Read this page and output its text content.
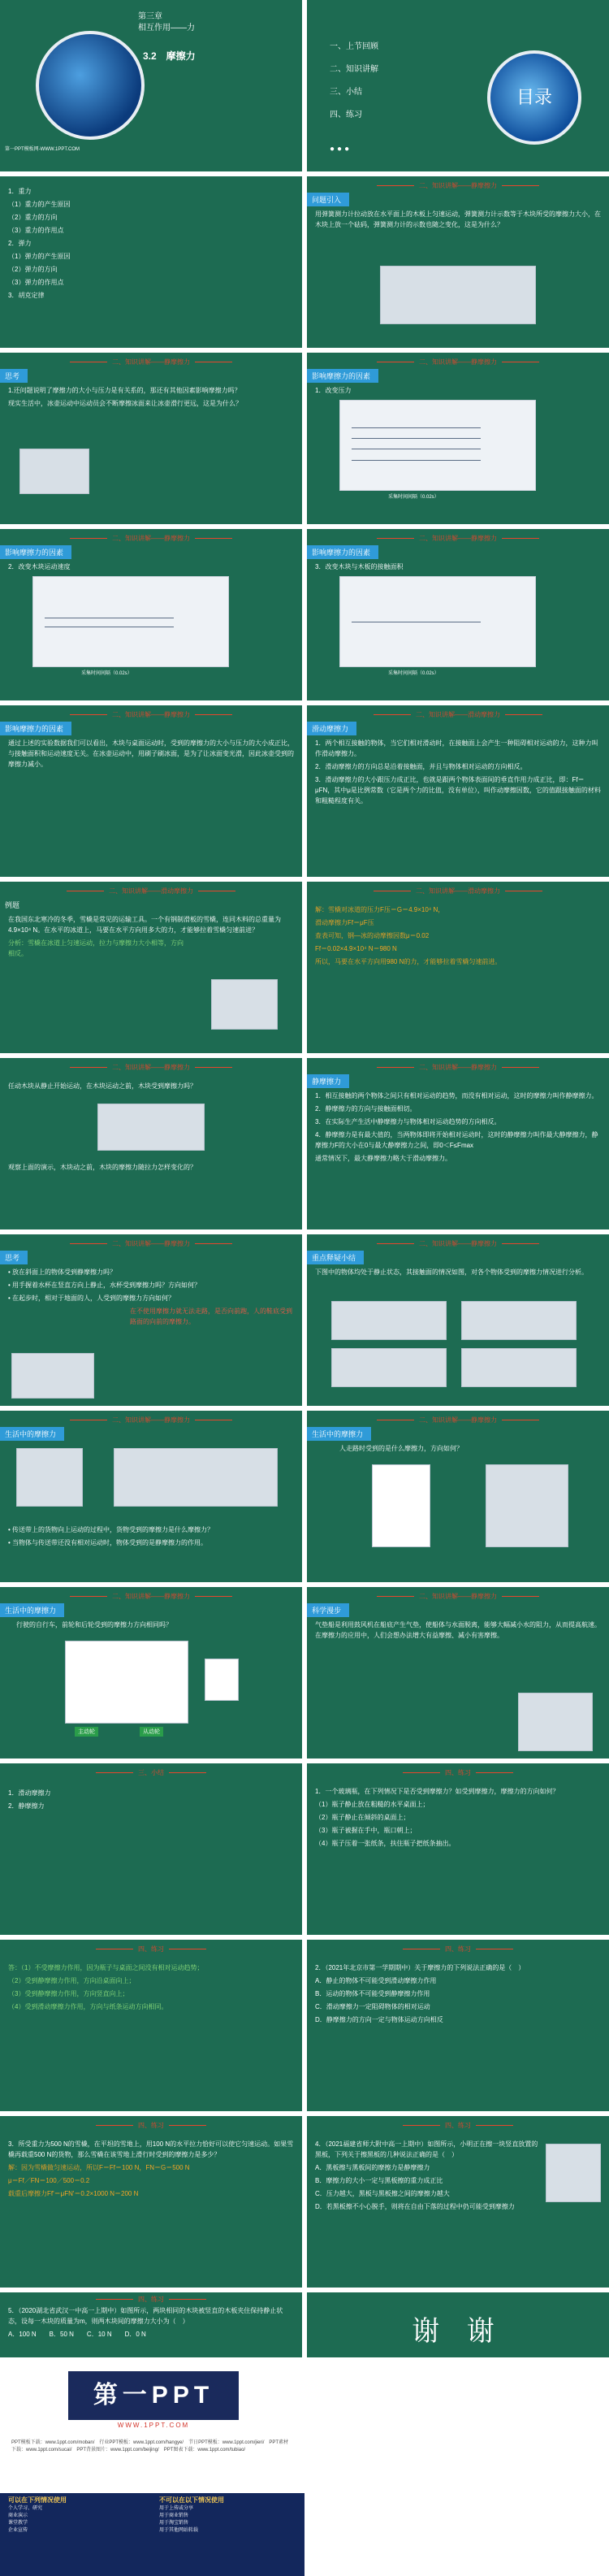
第三章
相互作用——力
3.2　摩擦力
第一PPT模板网-WWW.1PPT.COM
一、上节回顾
二、知识讲解
三、小结
四、练习
目录
●●●

1．重力

（1）重力的产生原因

（2）重力的方向

（3）重力的作用点

2．弹力

（1）弹力的产生原因

（2）弹力的方向

（3）弹力的作用点

3．胡克定律

二、知识讲解——静摩擦力
问题引入
用弹簧测力计拉动放在水平面上的木板上匀速运动，弹簧测力计示数等于木块所受的摩擦力大小，在木块上放一个砝码，弹簧测力计的示数也随之变化，这是为什么？
二、知识讲解——静摩擦力
思考

1.还问题说明了摩擦力的大小与压力是有关系的，那还有其他因素影响摩擦力吗？

现实生活中，冰壶运动中运动员会不断摩擦冰面来让冰壶滑行更远，这是为什么？

二、知识讲解——静摩擦力
影响摩擦力的因素
1．改变压力
采集时间间隔（0.02s）
二、知识讲解——静摩擦力
影响摩擦力的因素
2．改变木块运动速度
采集时间间隔（0.02s）
二、知识讲解——静摩擦力
影响摩擦力的因素
3．改变木块与木板的接触面积
采集时间间隔（0.02s）
二、知识讲解——静摩擦力
影响摩擦力的因素
通过上述的实验数据我们可以看出，木块与桌面运动时，受到的摩擦力的大小与压力的大小成正比，与接触面积和运动速度无关。在冰壶运动中，用刷子刷冰面，是为了让冰面变光滑，因此冰壶受到的摩擦力减小。
二、知识讲解——滑动摩擦力
滑动摩擦力

1．两个相互接触的物体，当它们相对滑动时，在接触面上会产生一种阻碍相对运动的力，这种力叫作滑动摩擦力。

2．滑动摩擦力的方向总是沿着接触面，并且与物体相对运动的方向相反。

3．滑动摩擦力的大小跟压力成正比，也就是跟两个物体表面间的垂直作用力成正比，即：Ff＝μFN，其中μ是比例常数（它是两个力的比值，没有单位），叫作动摩擦因数，它的值跟接触面的材料和粗糙程度有关。

二、知识讲解——滑动摩擦力
例题

在我国东北寒冷的冬季，雪橇是常见的运输工具。一个有钢制滑板的雪橇，连同木料的总重量为4.9×10⁴ N。在水平的冰道上，马要在水平方向用多大的力，才能够拉着雪橇匀速前进？

分析：雪橇在冰道上匀速运动，拉力与摩擦力大小相等，方向相反。

二、知识讲解——滑动摩擦力

解：雪橇对冰道的压力F压＝G＝4.9×10⁴ N，

滑动摩擦力Ff＝μF压

查表可知，钢—冰的动摩擦因数μ＝0.02

Ff＝0.02×4.9×10⁴ N＝980 N

所以，马要在水平方向用980 N的力，才能够拉着雪橇匀速前进。

二、知识讲解——静摩擦力

任动木块从静止开始运动，在木块运动之前，木块受到摩擦力吗？

观察上面的演示，木块动之前，木块的摩擦力随拉力怎样变化的？

二、知识讲解——静摩擦力
静摩擦力

1．相互接触的两个物体之间只有相对运动的趋势，而没有相对运动，这时的摩擦力叫作静摩擦力。

2．静摩擦力的方向与接触面相切。

3．在实际生产生活中静摩擦力与物体相对运动趋势的方向相反。

4．静摩擦力是有最大值的，当两物体即将开始相对运动时，这时的静摩擦力叫作最大静摩擦力，静摩擦力F的大小在0与最大静摩擦力之间，即0＜F≤Fmax

通常情况下，最大静摩擦力略大于滑动摩擦力。

二、知识讲解——静摩擦力
思考

• 放在斜面上的物体受到静摩擦力吗？

• 用手握着水杯在竖直方向上静止，水杯受到摩擦力吗？方向如何？

• 在起步时，相对于地面的人，人受到的摩擦力方向如何？

在不使用摩擦力就无法走路，是否向前跑，人的鞋底受到路面的向前的摩擦力。

二、知识讲解——静摩擦力
重点释疑小结
下图中的物体均处于静止状态，其接触面的情况如图，对各个物体受到的摩擦力情况进行分析。
二、知识讲解——静摩擦力
生活中的摩擦力

• 传送带上的货物向上运动的过程中，货物受到的摩擦力是什么摩擦力？

• 当物体与传送带还没有相对运动时，物体受到的是静摩擦力的作用。

二、知识讲解——静摩擦力
生活中的摩擦力
人走路时受到的是什么摩擦力，方向如何？
二、知识讲解——静摩擦力
生活中的摩擦力
行驶的自行车，前轮和后轮受到的摩擦力方向相同吗？
主动轮	从动轮
二、知识讲解——静摩擦力
科学漫步
气垫船是利用鼓风机在船底产生气垫，使船体与水面脱离，能够大幅减小水的阻力，从而提高航速。在摩擦力的应用中，人们会想办法增大有益摩擦、减小有害摩擦。
三、小结

1．滑动摩擦力

2．静摩擦力

四、练习

1．一个玻璃瓶，在下列情况下是否受到摩擦力？如受到摩擦力，摩擦力的方向如何？

（1）瓶子静止放在粗糙的水平桌面上；

（2）瓶子静止在倾斜的桌面上；

（3）瓶子被握在手中，瓶口朝上；

（4）瓶子压着一张纸条，扶住瓶子把纸条抽出。

四、练习

答：（1）不受摩擦力作用，因为瓶子与桌面之间没有相对运动趋势；

（2）受到静摩擦力作用，方向沿桌面向上；

（3）受到静摩擦力作用，方向竖直向上；

（4）受到滑动摩擦力作用，方向与纸条运动方向相同。

四、练习

2．（2021年北京市第一学期期中）关于摩擦力的下列说法正确的是（　）

A．静止的物体不可能受到滑动摩擦力作用

B．运动的物体不可能受到静摩擦力作用

C．滑动摩擦力一定阻碍物体的相对运动

D．静摩擦力的方向一定与物体运动方向相反

四、练习

3．所受重力为500 N的雪橇，在平坦的雪地上，用100 N的水平拉力恰好可以使它匀速运动。如果雪橇再载重500 N的货物，那么雪橇在该雪地上滑行时受到的摩擦力是多少？

解：因为雪橇做匀速运动，所以F＝Ff＝100 N，FN＝G＝500 N

μ＝Ff／FN＝100／500＝0.2

载重后摩擦力Ff'＝μFN'＝0.2×1000 N＝200 N

四、练习

4．（2021福建省师大附中高一上期中）如图所示，小明正在擦一块竖直放置的黑板，下列关于擦黑板的几种说法正确的是（　）

A．黑板擦与黑板间的摩擦力是静摩擦力

B．摩擦力的大小一定与黑板擦的重力成正比

C．压力越大，黑板与黑板擦之间的摩擦力越大

D．若黑板擦不小心脱手，则将在自由下落的过程中仍可能受到摩擦力

四、练习

5．（2020湖北省武汉一中高一上期中）如图所示，两块相同的木块被竖直的木板夹住保持静止状态，设每一木块的质量为m，则两木块间的摩擦力大小为（　）

A．100 N　　B．50 N　　C．10 N　　D．0 N	谢 谢
第一PPT
WWW.1PPT.COM
PPT模板下载：www.1ppt.com/moban/　行业PPT模板：www.1ppt.com/hangye/　节日PPT模板：www.1ppt.com/jieri/　PPT素材下载：www.1ppt.com/sucai/　PPT背景图片：www.1ppt.com/beijing/　PPT图表下载：www.1ppt.com/tubiao/
可以在下列情况使用
个人学习、研究
商业演示
课堂教学
企业宣传
不可以在以下情况使用
用于上传或分享
用于商业销售
用于淘宝销售
用于其他网站转载
